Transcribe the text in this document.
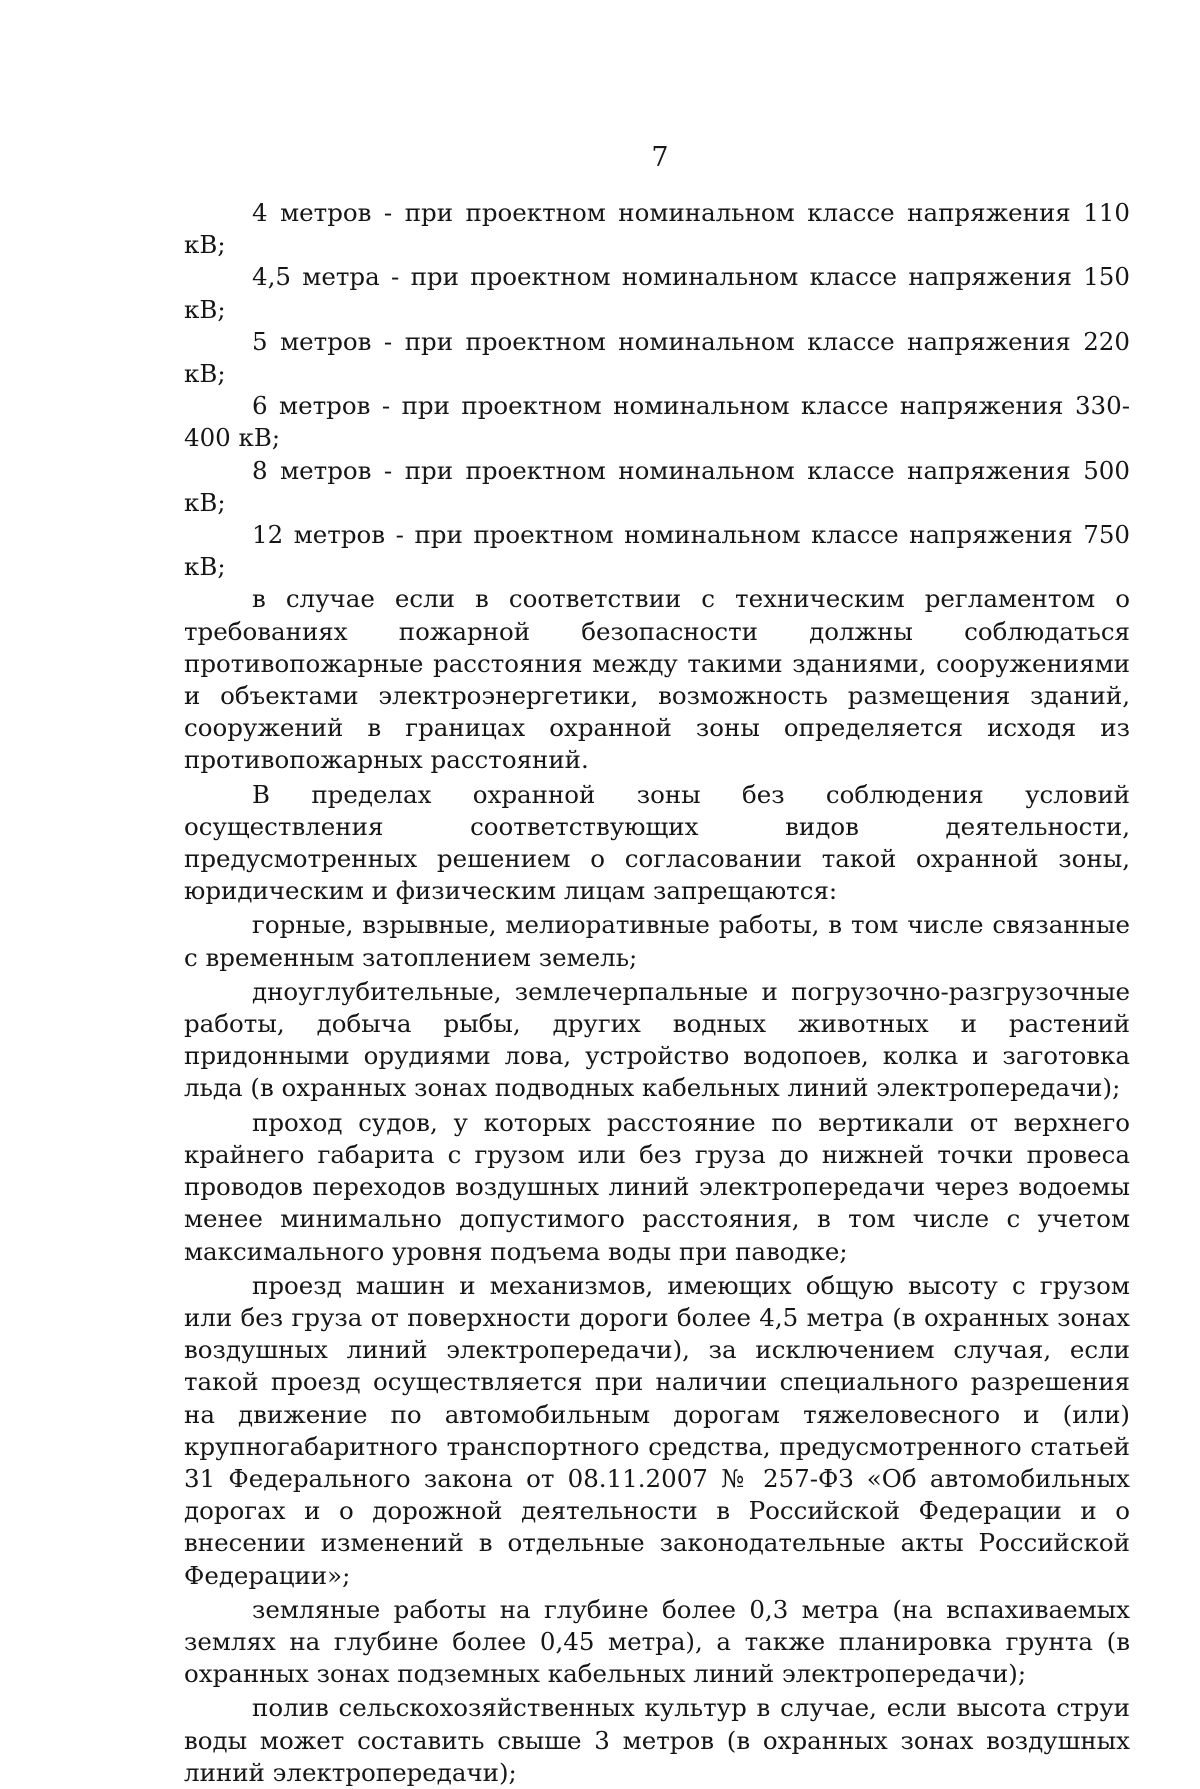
7

4 метров - при проектном номинальном классе напряжения 110 кВ;

4,5 метра - при проектном номинальном классе напряжения 150 кВ;

5 метров - при проектном номинальном классе напряжения 220 кВ;

6 метров - при проектном номинальном классе напряжения 330-400 кВ;

8 метров - при проектном номинальном классе напряжения 500 кВ;

12 метров - при проектном номинальном классе напряжения 750 кВ;

в случае если в соответствии с техническим регламентом о требованиях пожарной безопасности должны соблюдаться противопожарные расстояния между такими зданиями, сооружениями и объектами электроэнергетики, возможность размещения зданий, сооружений в границах охранной зоны определяется исходя из противопожарных расстояний.

В пределах охранной зоны без соблюдения условий осуществления соответствующих видов деятельности, предусмотренных решением о согласовании такой охранной зоны, юридическим и физическим лицам запрещаются:

горные, взрывные, мелиоративные работы, в том числе связанные с временным затоплением земель;

дноуглубительные, землечерпальные и погрузочно-разгрузочные работы, добыча рыбы, других водных животных и растений придонными орудиями лова, устройство водопоев, колка и заготовка льда (в охранных зонах подводных кабельных линий электропередачи);

проход судов, у которых расстояние по вертикали от верхнего крайнего габарита с грузом или без груза до нижней точки провеса проводов переходов воздушных линий электропередачи через водоемы менее минимально допустимого расстояния, в том числе с учетом максимального уровня подъема воды при паводке;

проезд машин и механизмов, имеющих общую высоту с грузом или без груза от поверхности дороги более 4,5 метра (в охранных зонах воздушных линий электропередачи), за исключением случая, если такой проезд осуществляется при наличии специального разрешения на движение по автомобильным дорогам тяжеловесного и (или) крупногабаритного транспортного средства, предусмотренного статьей 31 Федерального закона от 08.11.2007 № 257-ФЗ «Об автомобильных дорогах и о дорожной деятельности в Российской Федерации и о внесении изменений в отдельные законодательные акты Российской Федерации»;

земляные работы на глубине более 0,3 метра (на вспахиваемых землях на глубине более 0,45 метра), а также планировка грунта (в охранных зонах подземных кабельных линий электропередачи);

полив сельскохозяйственных культур в случае, если высота струи воды может составить свыше 3 метров (в охранных зонах воздушных линий электропередачи);
